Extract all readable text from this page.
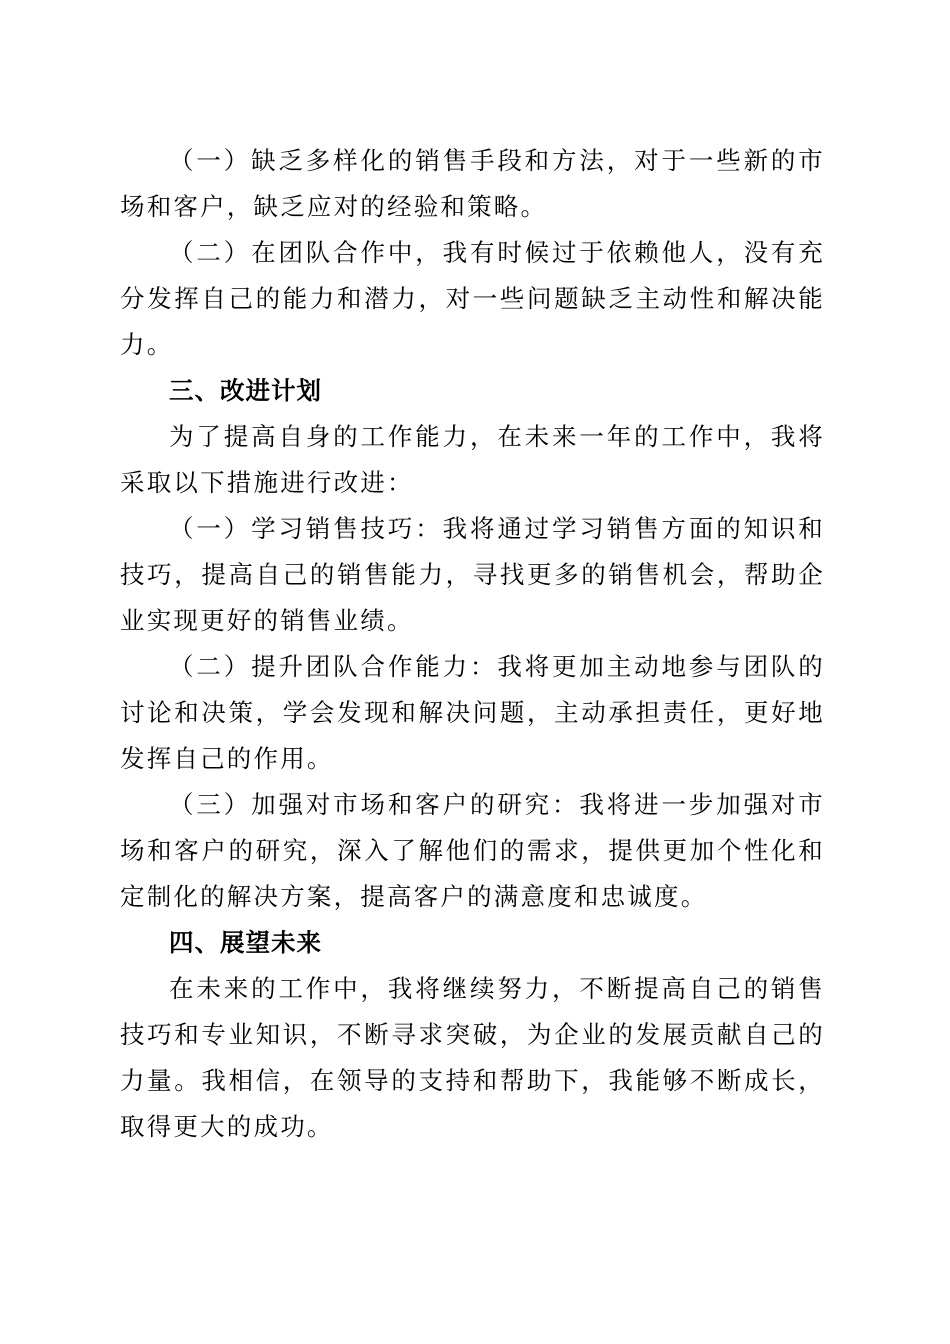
（一）缺乏多样化的销售手段和方法，对于一些新的市场和客户，缺乏应对的经验和策略。

（二）在团队合作中，我有时候过于依赖他人，没有充分发挥自己的能力和潜力，对一些问题缺乏主动性和解决能力。

三、改进计划

为了提高自身的工作能力，在未来一年的工作中，我将采取以下措施进行改进：

（一）学习销售技巧：我将通过学习销售方面的知识和技巧，提高自己的销售能力，寻找更多的销售机会，帮助企业实现更好的销售业绩。

（二）提升团队合作能力：我将更加主动地参与团队的讨论和决策，学会发现和解决问题，主动承担责任，更好地发挥自己的作用。

（三）加强对市场和客户的研究：我将进一步加强对市场和客户的研究，深入了解他们的需求，提供更加个性化和定制化的解决方案，提高客户的满意度和忠诚度。

四、展望未来

在未来的工作中，我将继续努力，不断提高自己的销售技巧和专业知识，不断寻求突破，为企业的发展贡献自己的力量。我相信，在领导的支持和帮助下，我能够不断成长，取得更大的成功。
